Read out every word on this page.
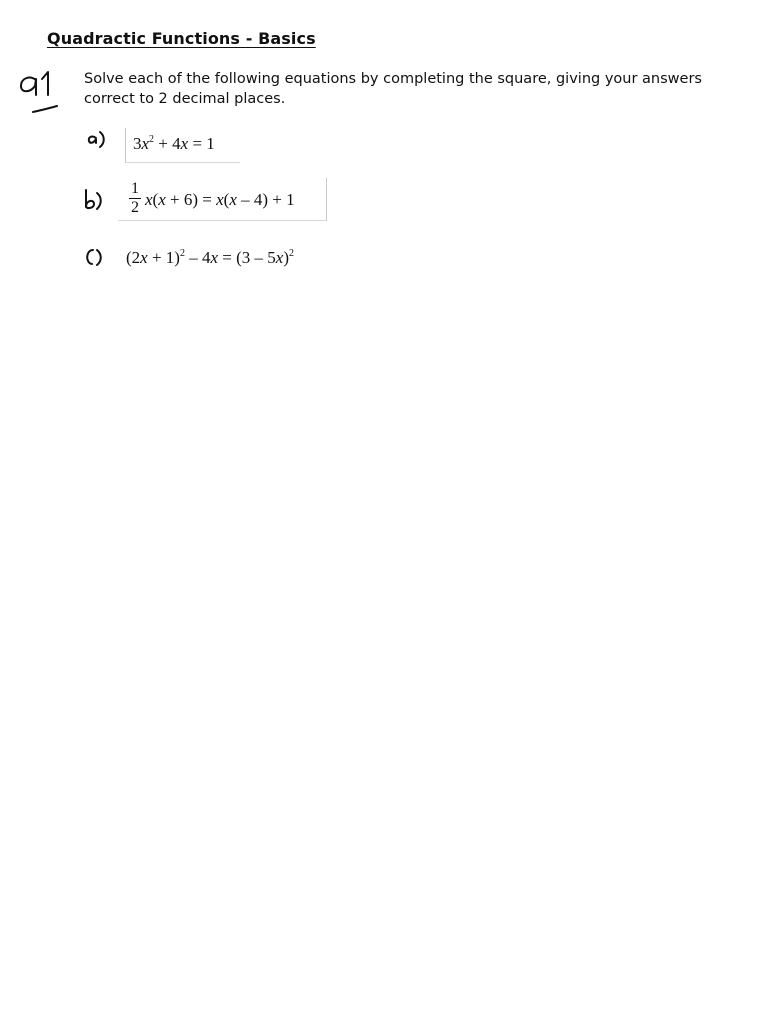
Quadractic Functions - Basics
Solve each of the following equations by completing the square, giving your answers correct to 2 decimal places.
$3x^2 + 4x = 1$
$\frac{1}{2} x(x + 6) = x(x - 4) + 1$
$(2x + 1)^2 - 4x = (3 - 5x)^2$
